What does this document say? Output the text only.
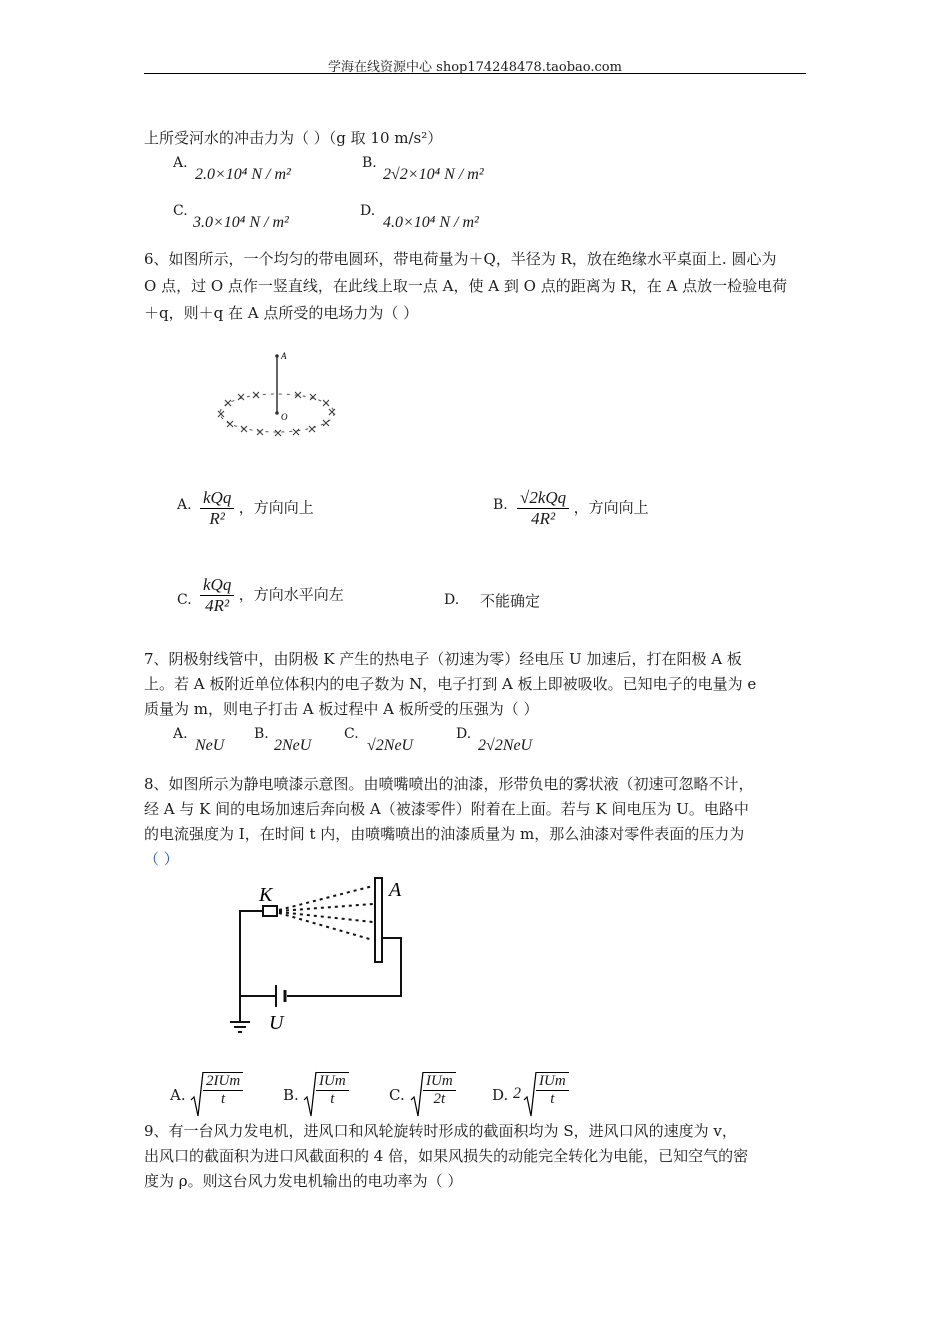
学海在线资源中心 shop174248478.taobao.com
上所受河水的冲击力为（ ）（g 取 10 m/s²）
A.
2.0×10⁴ N / m²
B.
2√2×10⁴ N / m²
C.
3.0×10⁴ N / m²
D.
4.0×10⁴ N / m²
6、如图所示，一个均匀的带电圆环，带电荷量为＋Q，半径为 R，放在绝缘水平桌面上. 圆心为
O 点，过 O 点作一竖直线，在此线上取一点 A，使 A 到 O 点的距离为 R，在 A 点放一检验电荷
＋q，则＋q 在 A 点所受的电场力为（ ）
A
O
A. $\frac{\text{kQq}}{\text{R²}}$ ，方向向上	B. $\frac{\text{√2kQq}}{\text{4R²}}$ ，方向向上
C. $\frac{\text{kQq}}{\text{4R²}}$ ，方向水平向左	D. 不能确定
7、阴极射线管中，由阴极 K 产生的热电子（初速为零）经电压 U 加速后，打在阳极 A 板
上。若 A 板附近单位体积内的电子数为 N，电子打到 A 板上即被吸收。已知电子的电量为 e
质量为 m，则电子打击 A 板过程中 A 板所受的压强为（ ）
A.
NeU
B.
2NeU
C.
√2NeU
D.
2√2NeU
8、如图所示为静电喷漆示意图。由喷嘴喷出的油漆，形带负电的雾状液（初速可忽略不计，
经 A 与 K 间的电场加速后奔向极 A（被漆零件）附着在上面。若与 K 间电压为 U。电路中
的电流强度为 I，在时间 t 内，由喷嘴喷出的油漆质量为 m，那么油漆对零件表面的压力为
（ ）
K	A
U
A.
2IUm
t	B.
IUm
t	C.
IUm
2t	D. 2
IUm
t
9、有一台风力发电机，进风口和风轮旋转时形成的截面积均为 S，进风口风的速度为 v，
出风口的截面积为进口风截面积的 4 倍，如果风损失的动能完全转化为电能，已知空气的密
度为 ρ。则这台风力发电机输出的电功率为（ ）
